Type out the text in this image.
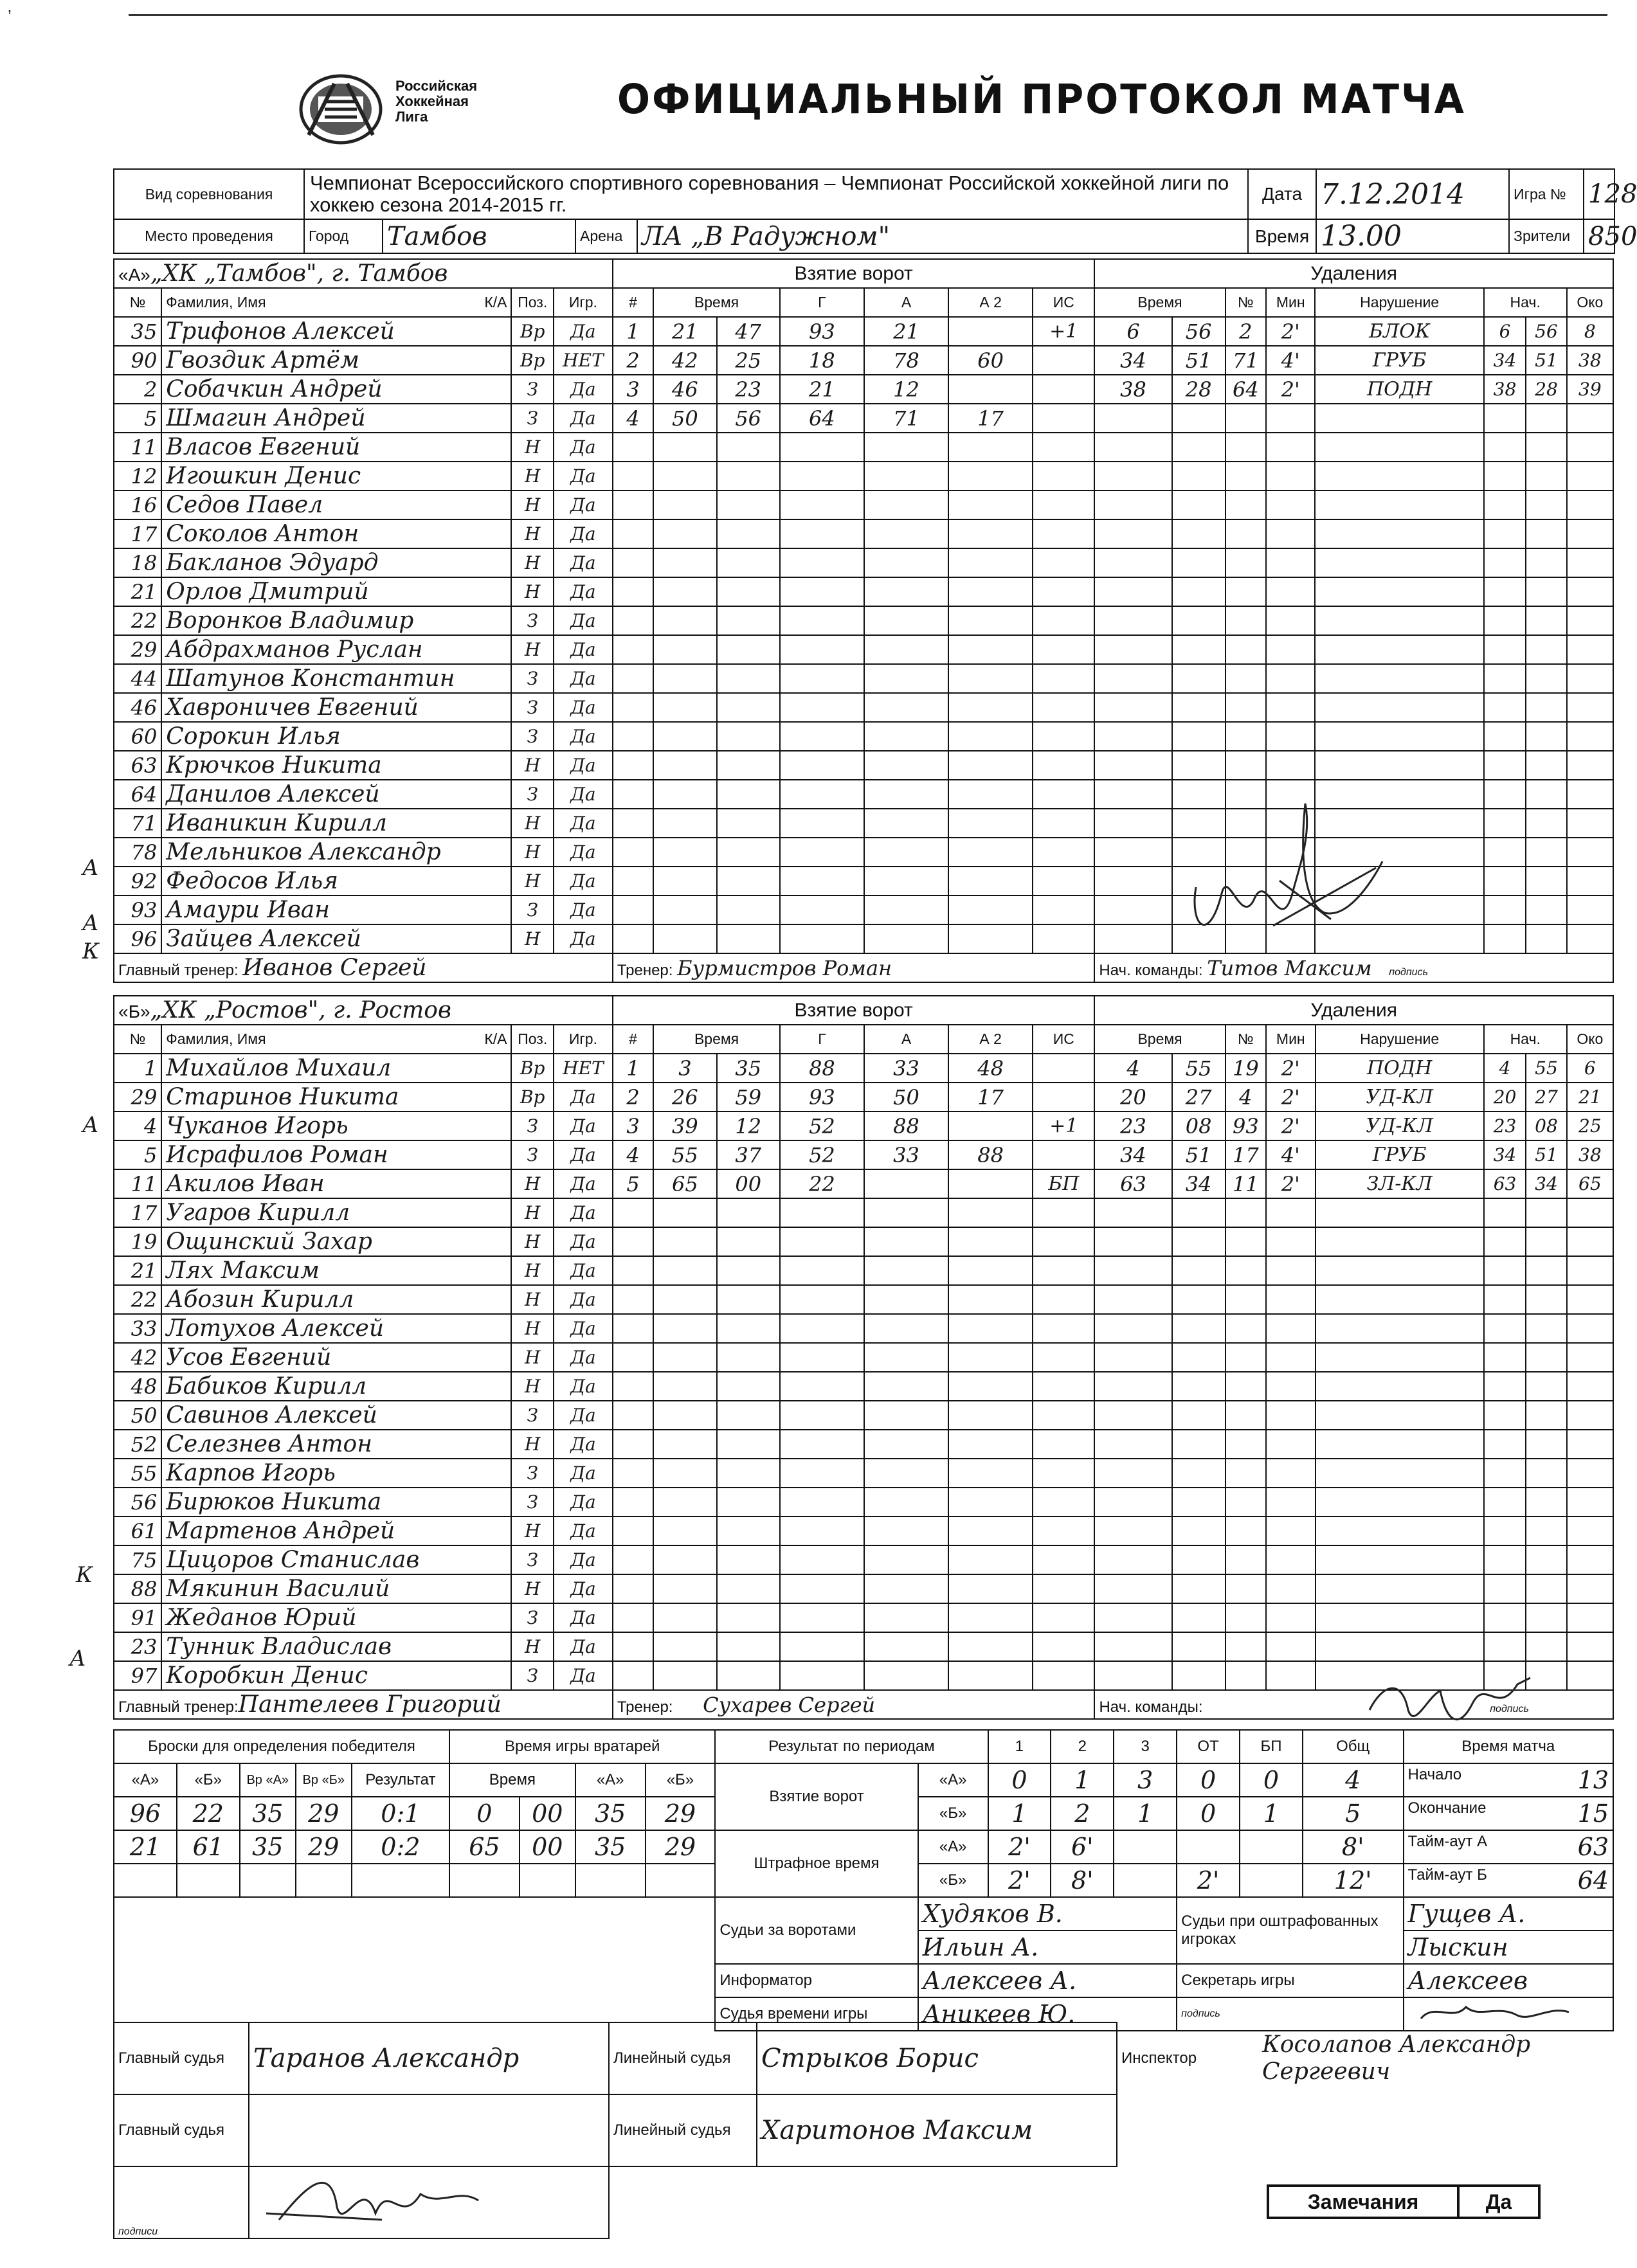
’
Российская
Хоккейная
Лига	ОФИЦИАЛЬНЫЙ ПРОТОКОЛ МАТЧА
Вид соревнования	Чемпионат Всероссийского спортивного соревнования – Чемпионат Российской хоккейной лиги по хоккею сезона 2014-2015 гг.				Дата	7.12.2014	Игра №	128
Место проведения	Город	Тамбов	Арена	ЛА „В Радужном"	Время	13.00	Зрители	850
«А»„ХК „Тамбов", г. Тамбов				Взятие ворот							Удаления							
№	Фамилия, Имя К/А	Поз.	Игр.	#	Время		Г	А	А 2	ИС	Время		№	Мин	Нарушение	Нач.		Око
35	Трифонов Алексей	Вр	Да	1	21	47	93	21		+1	6	56	2	2'	БЛОК	6	56	8
90	Гвоздик Артём	Вр	НЕТ	2	42	25	18	78	60		34	51	71	4'	ГРУБ	34	51	38
2	Собачкин Андрей	З	Да	3	46	23	21	12			38	28	64	2'	ПОДН	38	28	39
5	Шмагин Андрей	З	Да	4	50	56	64	71	17									
11	Власов Евгений	Н	Да															
12	Игошкин Денис	Н	Да															
16	Седов Павел	Н	Да															
17	Соколов Антон	Н	Да															
18	Бакланов Эдуард	Н	Да															
21	Орлов Дмитрий	Н	Да															
22	Воронков Владимир	З	Да															
29	Абдрахманов Руслан	Н	Да															
44	Шатунов Константин	З	Да															
46	Хавроничев Евгений	З	Да															
60	Сорокин Илья	З	Да															
63	Крючков Никита	Н	Да															
64	Данилов Алексей	З	Да															
71	Иваникин Кирилл	Н	Да															
78	Мельников Александр	Н	Да															
92	Федосов Илья	Н	Да															
93	Амаури Иван	З	Да															
96	Зайцев Алексей	Н	Да															
Главный тренер: Иванов Сергей				Тренер: Бурмистров Роман							Нач. команды: Титов Максим подпись							
«Б»„ХК „Ростов", г. Ростов				Взятие ворот							Удаления							
№	Фамилия, Имя К/А	Поз.	Игр.	#	Время		Г	А	А 2	ИС	Время		№	Мин	Нарушение	Нач.		Око
1	Михайлов Михаил	Вр	НЕТ	1	3	35	88	33	48		4	55	19	2'	ПОДН	4	55	6
29	Старинов Никита	Вр	Да	2	26	59	93	50	17		20	27	4	2'	УД-КЛ	20	27	21
4	Чуканов Игорь	З	Да	3	39	12	52	88		+1	23	08	93	2'	УД-КЛ	23	08	25
5	Исрафилов Роман	З	Да	4	55	37	52	33	88		34	51	17	4'	ГРУБ	34	51	38
11	Акилов Иван	Н	Да	5	65	00	22			БП	63	34	11	2'	ЗЛ-КЛ	63	34	65
17	Угаров Кирилл	Н	Да															
19	Ощинский Захар	Н	Да															
21	Лях Максим	Н	Да															
22	Абозин Кирилл	Н	Да															
33	Лотухов Алексей	Н	Да															
42	Усов Евгений	Н	Да															
48	Бабиков Кирилл	Н	Да															
50	Савинов Алексей	З	Да															
52	Селезнев Антон	Н	Да															
55	Карпов Игорь	З	Да															
56	Бирюков Никита	З	Да															
61	Мартенов Андрей	Н	Да															
75	Цицоров Станислав	З	Да															
88	Мякинин Василий	Н	Да															
91	Жеданов Юрий	З	Да															
23	Тунник Владислав	Н	Да															
97	Коробкин Денис	З	Да															
Главный тренер:Пантелеев Григорий				Тренер: Сухарев Сергей							Нач. команды: подпись							
А
А
К
А
К
А
Броски для определения победителя					Время игры вратарей				Результат по периодам		1	2	3	ОТ	БП	Общ	Время матча
«А»	«Б»	Вр «А»	Вр «Б»	Результат	Время		«А»	«Б»	Взятие ворот	«А»	0	1	3	0	0	4	Начало 13

96	22	35	29	0:1	0	00	35	29		«Б»	1	2	1	0	1	5	Окончание 15

21	61	35	29	0:2	65	00	35	29	Штрафное время	«А»	2'	6'				8'	Тайм-аут А 63

										«Б»	2'	8'		2'		12'	Тайм-аут Б 64

									Судьи за воротами	Худяков В.				Судьи при оштрафованных игроках			Гущев А.
										Ильин А.							Лыскин
									Информатор	Алексеев А.				Секретарь игры			Алексеев
									Судья времени игры	Аникеев Ю.				подпись	
Главный судья	Таранов Александр	Линейный судья	Стрыков Борис	Инспектор	Косолапов Александр Сергеевич
Главный судья		Линейный судья	Харитонов Максим		
подписи		
Замечания	Да
